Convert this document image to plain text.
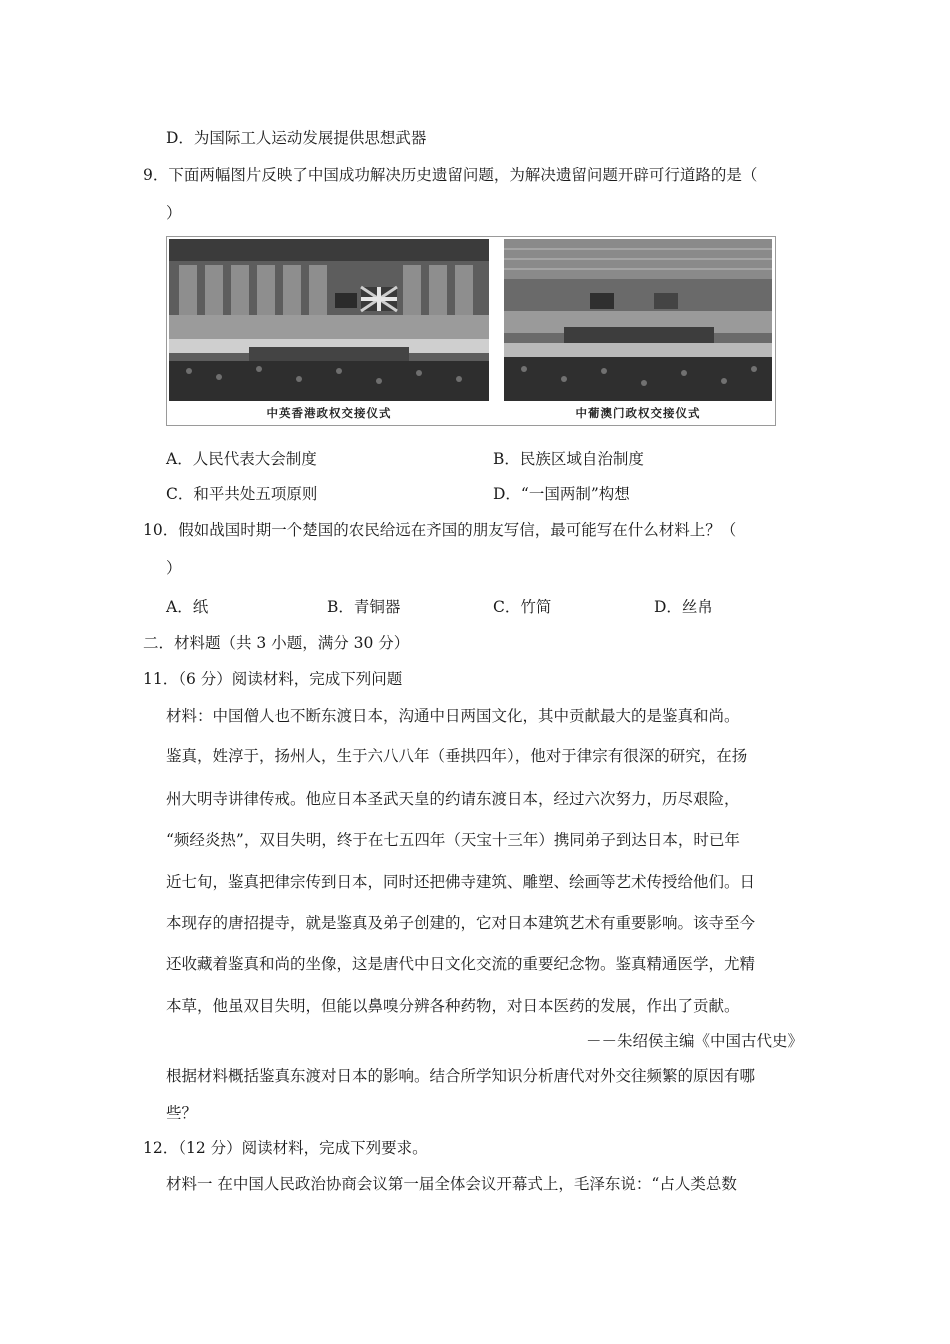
D．为国际工人运动发展提供思想武器
9．下面两幅图片反映了中国成功解决历史遗留问题，为解决遗留问题开辟可行道路的是（
）
中英香港政权交接仪式	中葡澳门政权交接仪式
A．人民代表大会制度	B．民族区域自治制度
C．和平共处五项原则	D．“一国两制”构想
10．假如战国时期一个楚国的农民给远在齐国的朋友写信，最可能写在什么材料上？（
）
A．纸	B．青铜器	C．竹简	D．丝帛
二．材料题（共 3 小题，满分 30 分）
11．（6 分）阅读材料，完成下列问题
材料：中国僧人也不断东渡日本，沟通中日两国文化，其中贡献最大的是鉴真和尚。
鉴真，姓淳于，扬州人，生于六八八年（垂拱四年），他对于律宗有很深的研究，在扬
州大明寺讲律传戒。他应日本圣武天皇的约请东渡日本，经过六次努力，历尽艰险，
“频经炎热”，双目失明，终于在七五四年（天宝十三年）携同弟子到达日本，时已年
近七旬，鉴真把律宗传到日本，同时还把佛寺建筑、雕塑、绘画等艺术传授给他们。日
本现存的唐招提寺，就是鉴真及弟子创建的，它对日本建筑艺术有重要影响。该寺至今
还收藏着鉴真和尚的坐像，这是唐代中日文化交流的重要纪念物。鉴真精通医学，尤精
本草，他虽双目失明，但能以鼻嗅分辨各种药物，对日本医药的发展，作出了贡献。
－－朱绍侯主编《中国古代史》
根据材料概括鉴真东渡对日本的影响。结合所学知识分析唐代对外交往频繁的原因有哪
些？
12．（12 分）阅读材料，完成下列要求。
材料一 在中国人民政治协商会议第一届全体会议开幕式上，毛泽东说：“占人类总数
